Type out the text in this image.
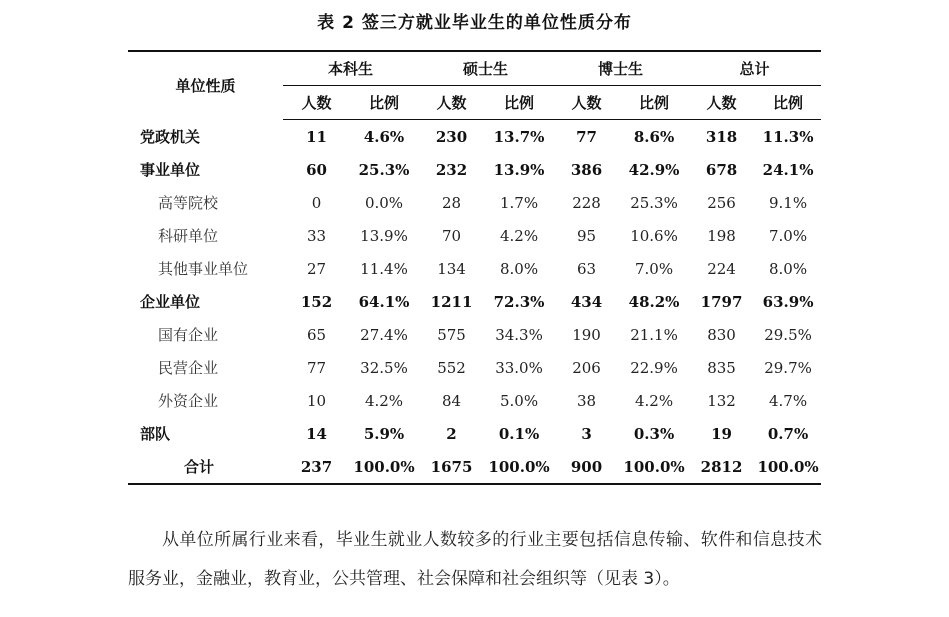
表 2 签三方就业毕业生的单位性质分布
单位性质	本科生		硕士生		博士生		总计	
	人数	比例	人数	比例	人数	比例	人数	比例
党政机关	11	4.6%	230	13.7%	77	8.6%	318	11.3%
事业单位	60	25.3%	232	13.9%	386	42.9%	678	24.1%
高等院校	0	0.0%	28	1.7%	228	25.3%	256	9.1%
科研单位	33	13.9%	70	4.2%	95	10.6%	198	7.0%
其他事业单位	27	11.4%	134	8.0%	63	7.0%	224	8.0%
企业单位	152	64.1%	1211	72.3%	434	48.2%	1797	63.9%
国有企业	65	27.4%	575	34.3%	190	21.1%	830	29.5%
民营企业	77	32.5%	552	33.0%	206	22.9%	835	29.7%
外资企业	10	4.2%	84	5.0%	38	4.2%	132	4.7%
部队	14	5.9%	2	0.1%	3	0.3%	19	0.7%
合计	237	100.0%	1675	100.0%	900	100.0%	2812	100.0%

从单位所属行业来看，毕业生就业人数较多的行业主要包括信息传输、软件和信息技术服务业，金融业，教育业，公共管理、社会保障和社会组织等（见表 3）。
